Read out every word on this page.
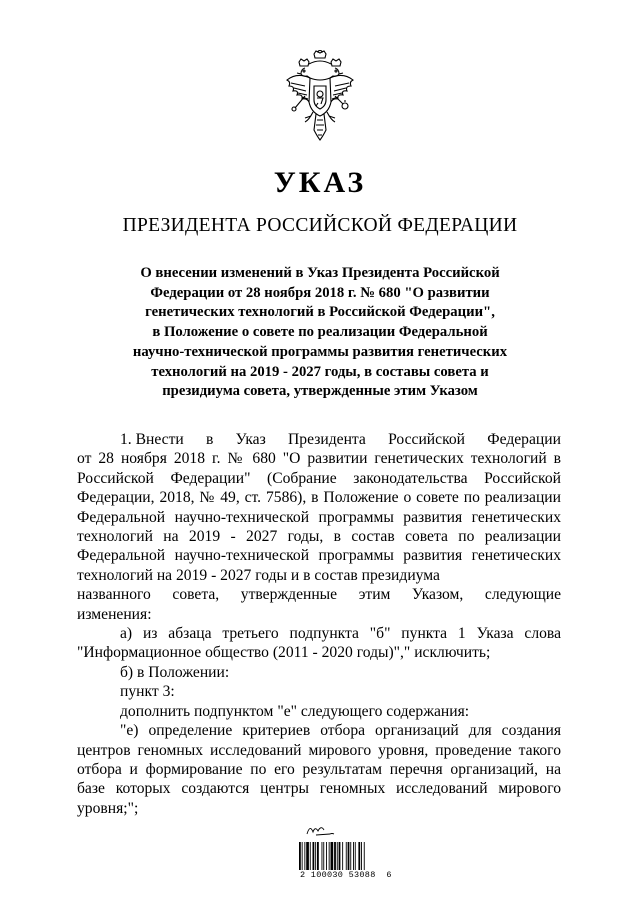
УКАЗ
ПРЕЗИДЕНТА РОССИЙСКОЙ ФЕДЕРАЦИИ
О внесении изменений в Указ Президента Российской
Федерации от 28 ноября 2018 г. № 680 "О развитии
генетических технологий в Российской Федерации",
в Положение о совете по реализации Федеральной
научно-технической программы развития генетических
технологий на 2019 - 2027 годы, в составы совета и
президиума совета, утвержденные этим Указом
1. Внести в Указ Президента Российской Федерации

от 28 ноября 2018 г. № 680 "О развитии генетических технологий в Российской Федерации" (Собрание законодательства Российской Федерации, 2018, № 49, ст. 7586), в Положение о совете по реализации Федеральной научно-технической программы развития генетических технологий на 2019 - 2027 годы, в состав совета по реализации Федеральной научно-технической программы развития генетических технологий на 2019 - 2027 годы и в состав президиума

названного совета, утвержденные этим Указом, следующие

изменения:

а) из абзаца третьего подпункта "б" пункта 1 Указа слова "Информационное общество (2011 - 2020 годы)"," исключить;

б) в Положении:

пункт 3:

дополнить подпунктом "е" следующего содержания:

"е) определение критериев отбора организаций для создания центров геномных исследований мирового уровня, проведение такого отбора и формирование по его результатам перечня организаций, на базе которых создаются центры геномных исследований мирового уровня;";

2 100030 53088  6
